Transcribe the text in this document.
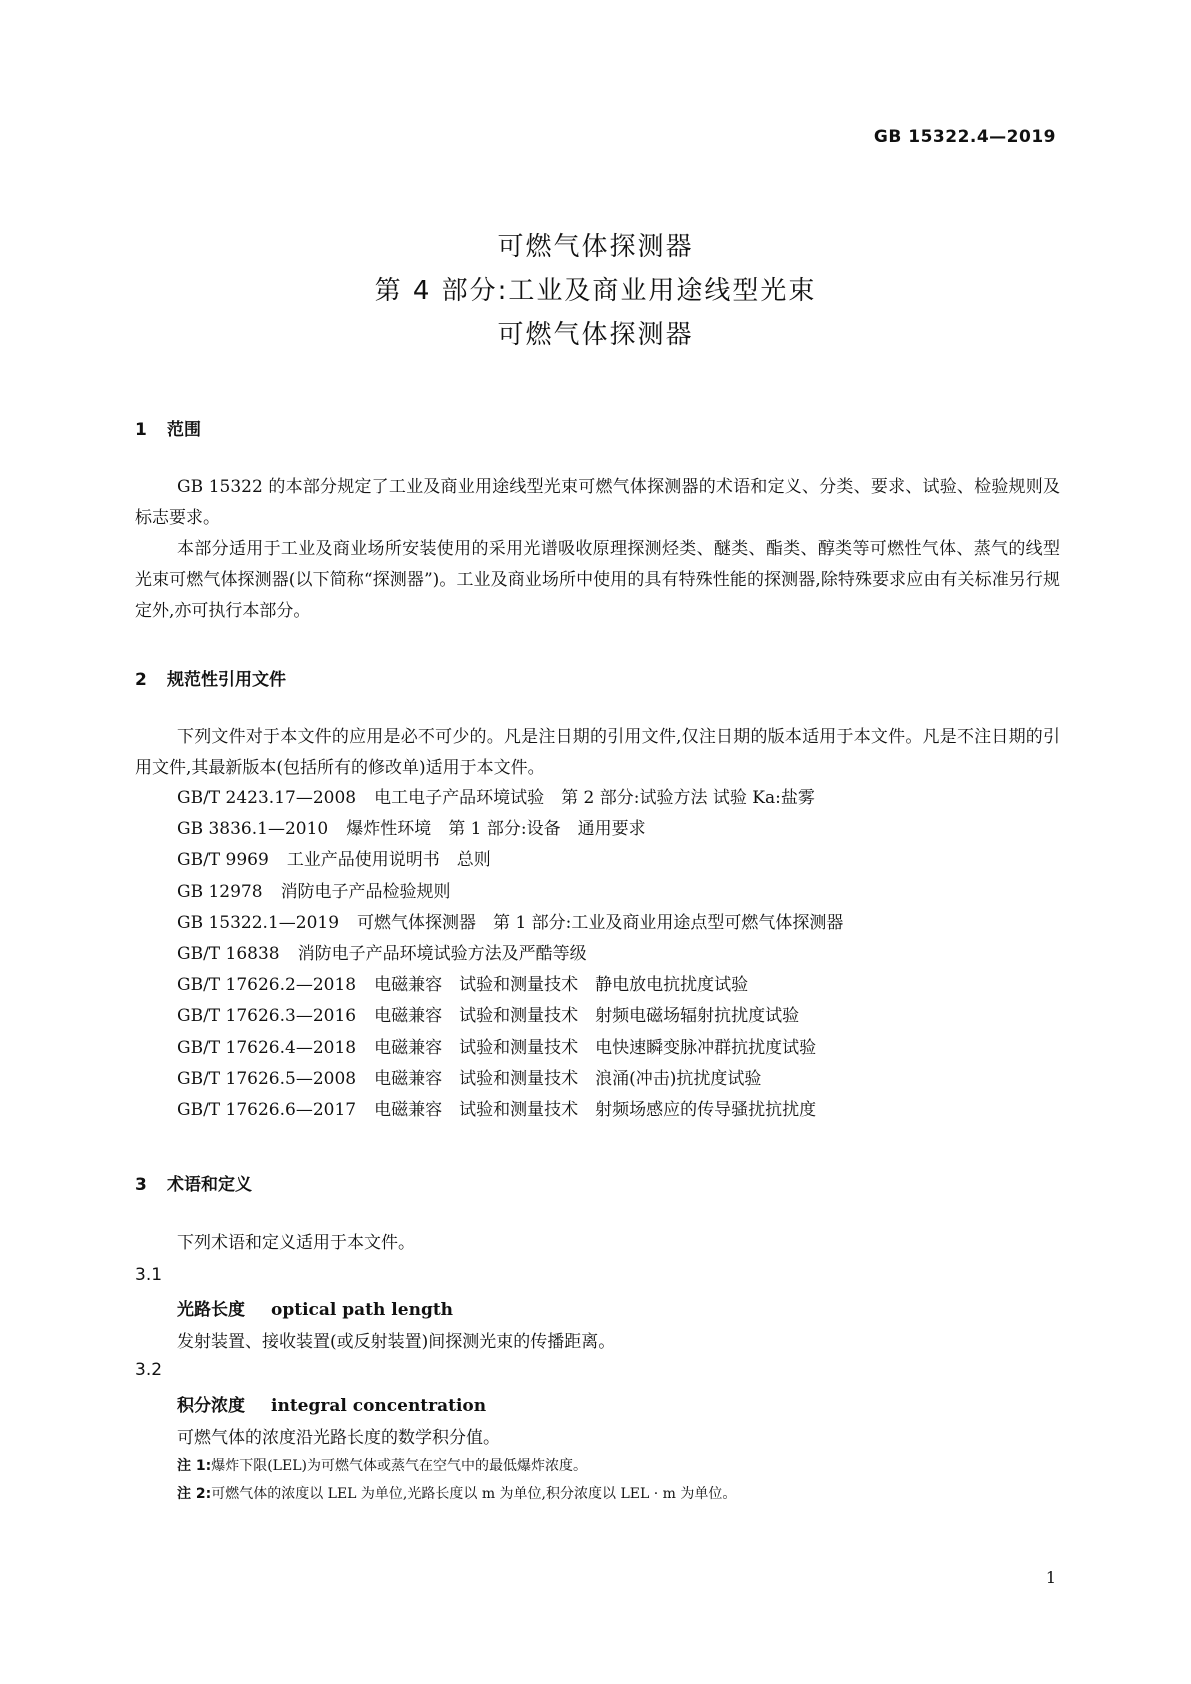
GB 15322.4—2019
可燃气体探测器
第 4 部分:工业及商业用途线型光束
可燃气体探测器
1 范围
GB 15322 的本部分规定了工业及商业用途线型光束可燃气体探测器的术语和定义、分类、要求、试验、检验规则及标志要求。
本部分适用于工业及商业场所安装使用的采用光谱吸收原理探测烃类、醚类、酯类、醇类等可燃性气体、蒸气的线型光束可燃气体探测器(以下简称“探测器”)。工业及商业场所中使用的具有特殊性能的探测器,除特殊要求应由有关标准另行规定外,亦可执行本部分。
2 规范性引用文件
下列文件对于本文件的应用是必不可少的。凡是注日期的引用文件,仅注日期的版本适用于本文件。凡是不注日期的引用文件,其最新版本(包括所有的修改单)适用于本文件。
GB/T 2423.17—2008 电工电子产品环境试验　第 2 部分:试验方法 试验 Ka:盐雾
GB 3836.1—2010 爆炸性环境　第 1 部分:设备　通用要求
GB/T 9969 工业产品使用说明书　总则
GB 12978 消防电子产品检验规则
GB 15322.1—2019 可燃气体探测器　第 1 部分:工业及商业用途点型可燃气体探测器
GB/T 16838 消防电子产品环境试验方法及严酷等级
GB/T 17626.2—2018 电磁兼容　试验和测量技术　静电放电抗扰度试验
GB/T 17626.3—2016 电磁兼容　试验和测量技术　射频电磁场辐射抗扰度试验
GB/T 17626.4—2018 电磁兼容　试验和测量技术　电快速瞬变脉冲群抗扰度试验
GB/T 17626.5—2008 电磁兼容　试验和测量技术　浪涌(冲击)抗扰度试验
GB/T 17626.6—2017 电磁兼容　试验和测量技术　射频场感应的传导骚扰抗扰度
3 术语和定义
下列术语和定义适用于本文件。
3.1
光路长度 optical path length
发射装置、接收装置(或反射装置)间探测光束的传播距离。
3.2
积分浓度 integral concentration
可燃气体的浓度沿光路长度的数学积分值。
注 1:爆炸下限(LEL)为可燃气体或蒸气在空气中的最低爆炸浓度。
注 2:可燃气体的浓度以 LEL 为单位,光路长度以 m 为单位,积分浓度以 LEL · m 为单位。
1
